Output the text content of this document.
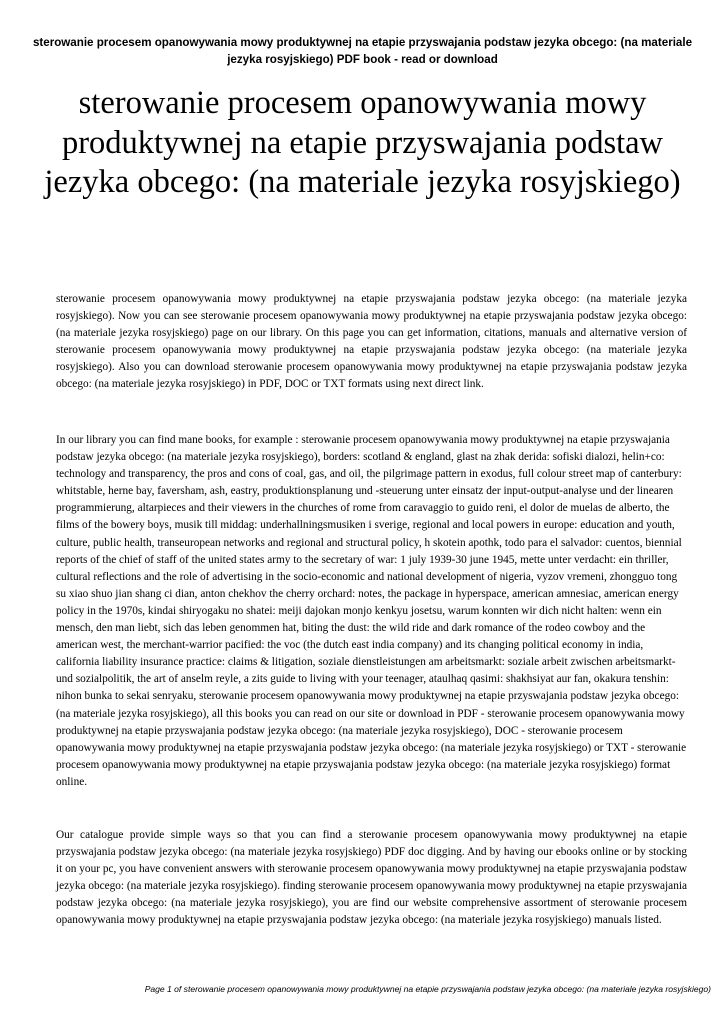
sterowanie procesem opanowywania mowy produktywnej na etapie przyswajania podstaw jezyka obcego: (na materiale jezyka rosyjskiego) PDF book - read or download
sterowanie procesem opanowywania mowy produktywnej na etapie przyswajania podstaw jezyka obcego: (na materiale jezyka rosyjskiego)

sterowanie procesem opanowywania mowy produktywnej na etapie przyswajania podstaw jezyka obcego: (na materiale jezyka rosyjskiego). Now you can see sterowanie procesem opanowywania mowy produktywnej na etapie przyswajania podstaw jezyka obcego: (na materiale jezyka rosyjskiego) page on our library. On this page you can get information, citations, manuals and alternative version of sterowanie procesem opanowywania mowy produktywnej na etapie przyswajania podstaw jezyka obcego: (na materiale jezyka rosyjskiego). Also you can download sterowanie procesem opanowywania mowy produktywnej na etapie przyswajania podstaw jezyka obcego: (na materiale jezyka rosyjskiego) in PDF, DOC or TXT formats using next direct link.

In our library you can find mane books, for example : sterowanie procesem opanowywania mowy produktywnej na etapie przyswajania podstaw jezyka obcego: (na materiale jezyka rosyjskiego), borders: scotland & england, glast na zhak derida: sofiski dialozi, helin+co: technology and transparency, the pros and cons of coal, gas, and oil, the pilgrimage pattern in exodus, full colour street map of canterbury: whitstable, herne bay, faversham, ash, eastry, produktionsplanung und -steuerung unter einsatz der input-output-analyse und der linearen programmierung, altarpieces and their viewers in the churches of rome from caravaggio to guido reni, el dolor de muelas de alberto, the films of the bowery boys, musik till middag: underhallningsmusiken i sverige, regional and local powers in europe: education and youth, culture, public health, transeuropean networks and regional and structural policy, h skotein apothk, todo para el salvador: cuentos, biennial reports of the chief of staff of the united states army to the secretary of war: 1 july 1939-30 june 1945, mette unter verdacht: ein thriller, cultural reflections and the role of advertising in the socio-economic and national development of nigeria, vyzov vremeni, zhongguo tong su xiao shuo jian shang ci dian, anton chekhov the cherry orchard: notes, the package in hyperspace, american amnesiac, american energy policy in the 1970s, kindai shiryogaku no shatei: meiji dajokan monjo kenkyu josetsu, warum konnten wir dich nicht halten: wenn ein mensch, den man liebt, sich das leben genommen hat, biting the dust: the wild ride and dark romance of the rodeo cowboy and the american west, the merchant-warrior pacified: the voc (the dutch east india company) and its changing political economy in india, california liability insurance practice: claims & litigation, soziale dienstleistungen am arbeitsmarkt: soziale arbeit zwischen arbeitsmarkt- und sozialpolitik, the art of anselm reyle, a zits guide to living with your teenager, ataulhaq qasimi: shakhsiyat aur fan, okakura tenshin: nihon bunka to sekai senryaku, sterowanie procesem opanowywania mowy produktywnej na etapie przyswajania podstaw jezyka obcego: (na materiale jezyka rosyjskiego), all this books you can read on our site or download in PDF - sterowanie procesem opanowywania mowy produktywnej na etapie przyswajania podstaw jezyka obcego: (na materiale jezyka rosyjskiego), DOC - sterowanie procesem opanowywania mowy produktywnej na etapie przyswajania podstaw jezyka obcego: (na materiale jezyka rosyjskiego) or TXT - sterowanie procesem opanowywania mowy produktywnej na etapie przyswajania podstaw jezyka obcego: (na materiale jezyka rosyjskiego) format online.

Our catalogue provide simple ways so that you can find a sterowanie procesem opanowywania mowy produktywnej na etapie przyswajania podstaw jezyka obcego: (na materiale jezyka rosyjskiego) PDF doc digging. And by having our ebooks online or by stocking it on your pc, you have convenient answers with sterowanie procesem opanowywania mowy produktywnej na etapie przyswajania podstaw jezyka obcego: (na materiale jezyka rosyjskiego). finding sterowanie procesem opanowywania mowy produktywnej na etapie przyswajania podstaw jezyka obcego: (na materiale jezyka rosyjskiego), you are find our website comprehensive assortment of sterowanie procesem opanowywania mowy produktywnej na etapie przyswajania podstaw jezyka obcego: (na materiale jezyka rosyjskiego) manuals listed.

Page 1 of sterowanie procesem opanowywania mowy produktywnej na etapie przyswajania podstaw jezyka obcego: (na materiale jezyka rosyjskiego)
